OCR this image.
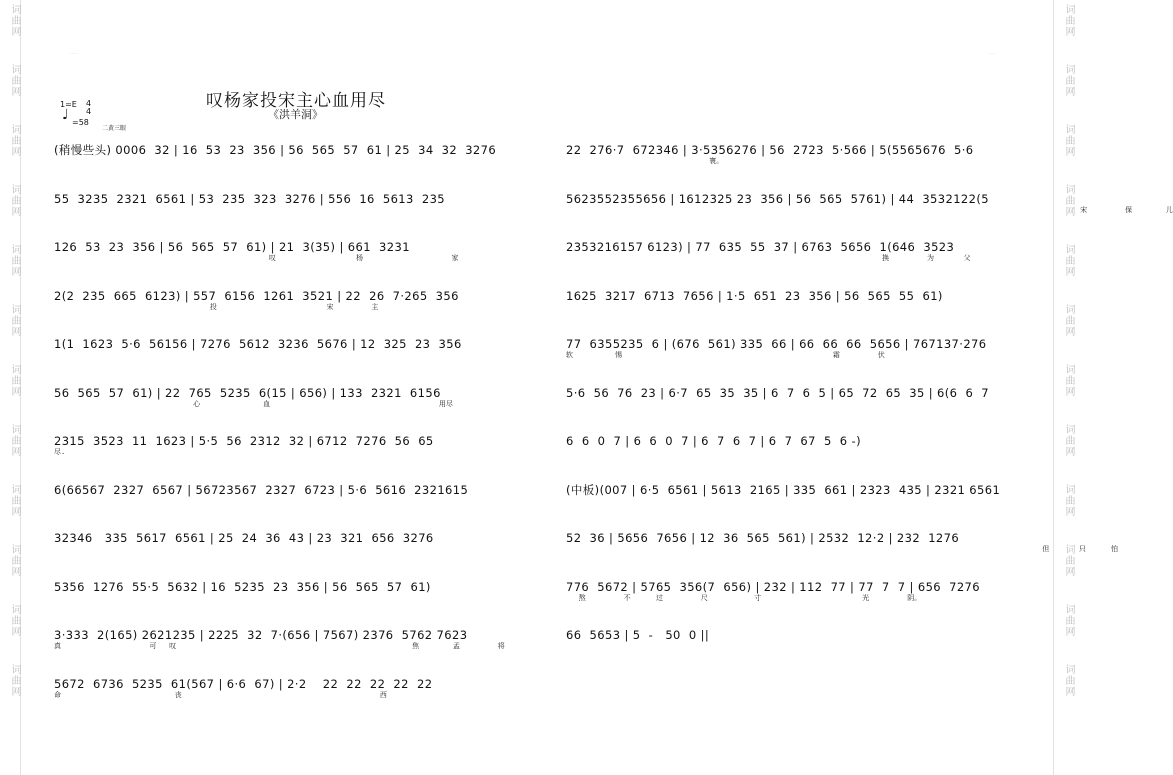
词曲网
词曲网
词曲网
词曲网
词曲网
词曲网
词曲网
词曲网
词曲网
词曲网
词曲网
词曲网
词曲网
词曲网
词曲网
词曲网
词曲网
词曲网
词曲网
词曲网
词曲网
词曲网
词曲网
词曲网
……	……
叹杨家投宋主心血用尽
《洪羊洞》
1=E 4
4
♩ =58
二黄三眼
(稍慢些头) 0006  32 | 16  53  23  356 | 56  565  57  61 | 25  34  32  3276
55  3235  2321  6561 | 53  235  323  3276 | 556  16  5613  235
126  53  23  356 | 56  565  57  61) | 21  3(35) | 661  3231
叹                   杨                     家
2(2  235  665  6123) | 557  6156  1261  3521 | 22  26  7·265  356
投                          宋         主
1(1  1623  5·6  56156 | 7276  5612  3236  5676 | 12  325  23  356
56  565  57  61) | 22  765  5235  6(15 | 656) | 133  2321  6156
心               血                                        用尽
2315  3523  11  1623 | 5·5  56  2312  32 | 6712  7276  56  65
尽.
6(66567  2327  6567 | 56723567  2327  6723 | 5·6  5616  2321615
32346   335  5617  6561 | 25  24  36  43 | 23  321  656  3276
5356  1276  55·5  5632 | 16  5235  23  356 | 56  565  57  61)
3·333  2(165) 2621235 | 2225  32  7·(656 | 7567) 2376  5762 7623
真                     可   叹                                                        焦        孟         将
5672  6736  5235  61(567 | 6·6  67) | 2·2    22  22  22  22  22
命                           丧                                               西
22  276·7  672346 | 3·5356276 | 56  2723  5·566 | 5(5565676  5·6
寰。
5623552355656 | 1612325 23  356 | 56  565  5761) | 44  3532122(5
宋         保        儿
2353216157 6123) | 77  635  55  37 | 6763  5656  1(646  3523
换         为       父
1625  3217  6713  7656 | 1·5  651  23  356 | 56  565  55  61)
77  6355235  6 | (676  561) 335  66 | 66  66  66  5656 | 767137·276
软          惕                                                  霜         伏
5·6  56  76  23 | 6·7  65  35  35 | 6  7  6  5 | 65  72  65  35 | 6(6  6  7
6  6  0  7 | 6  6  0  7 | 6  7  6  7 | 6  7  67  5  6 -)
(中板)(007 | 6·5  6561 | 5613  2165 | 335  661 | 2323  435 | 2321 6561
52  36 | 5656  7656 | 12  36  565  561) | 2532  12·2 | 232  1276
但       只      怕
776  5672 | 5765  356(7  656) | 232 | 112  77 | 77  7  7 | 656  7276
熬         不      过         尺           寸                        光         阴。
66  5653 | 5  -   50  0 ||
